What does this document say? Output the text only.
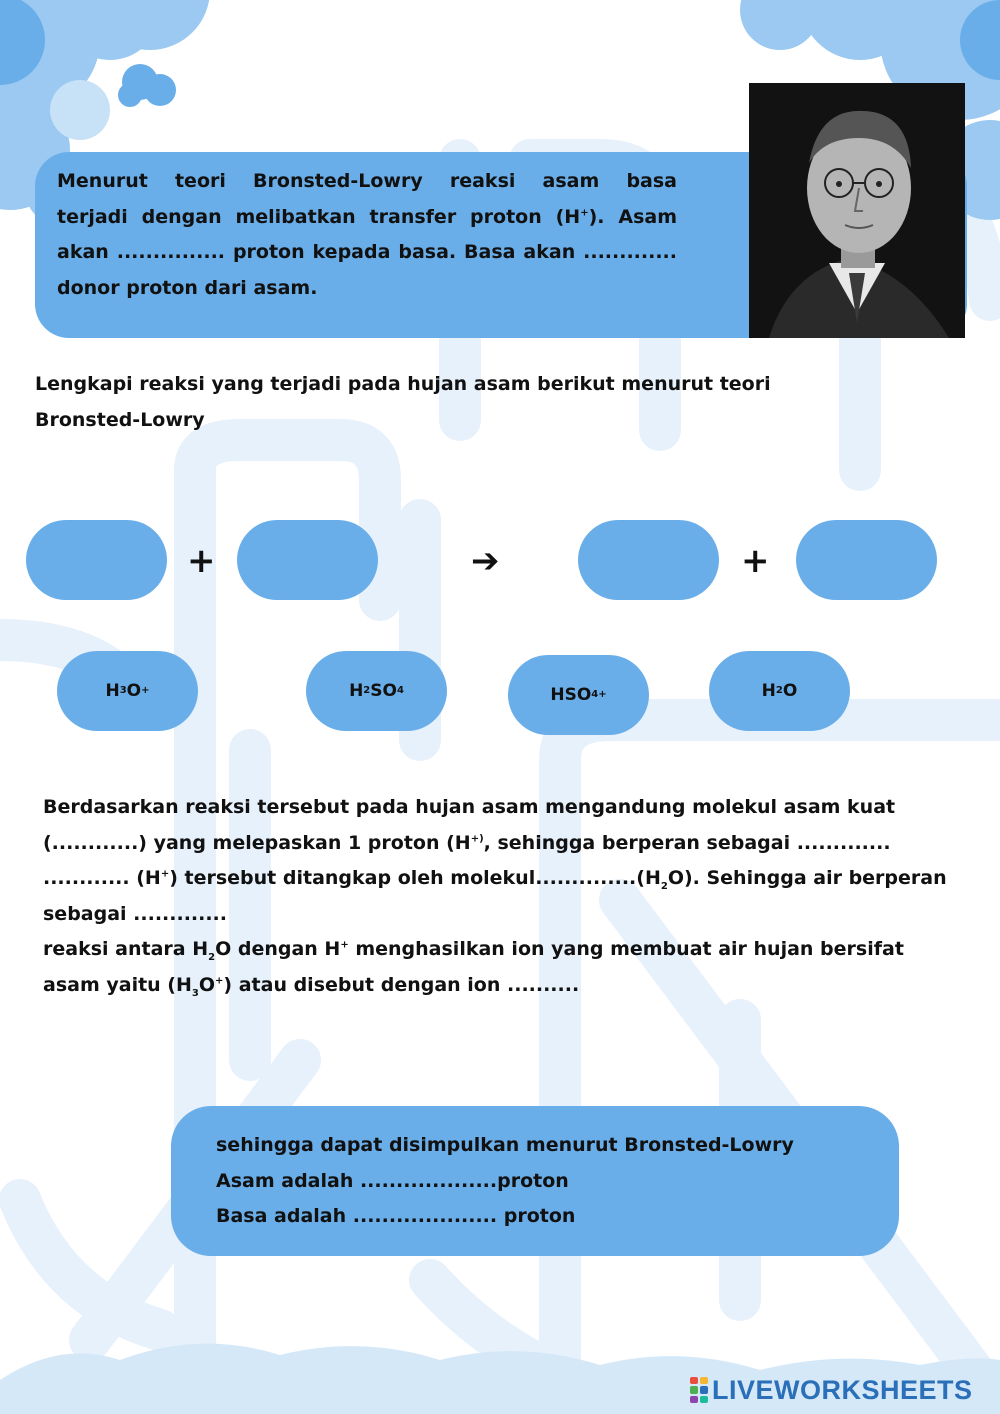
Menurut teori Bronsted-Lowry reaksi asam basa
terjadi dengan melibatkan transfer proton (H+). Asam
akan ............... proton kepada basa. Basa akan .............
donor proton dari asam.
Lengkapi reaksi yang terjadi pada hujan asam berikut menurut teori Bronsted-Lowry
+	➔	+
H 3 O +	H 2 SO 4	HSO 4 +	H 2 O

Berdasarkan reaksi tersebut pada hujan asam mengandung molekul asam kuat

(............) yang melepaskan 1 proton (H+), sehingga berperan sebagai .............

............ (H+) tersebut ditangkap oleh $molekul..............(H_2O)$. Sehingga air berperan

sebagai .............

reaksi antara $H_2O$ dengan H+ menghasilkan ion yang membuat air hujan bersifat

asam yaitu $(H_3O^+)$ atau disebut dengan ion ..........

sehingga dapat disimpulkan menurut Bronsted-Lowry

Asam adalah ...................proton

Basa adalah .................... proton

LIVEWORKSHEETS
